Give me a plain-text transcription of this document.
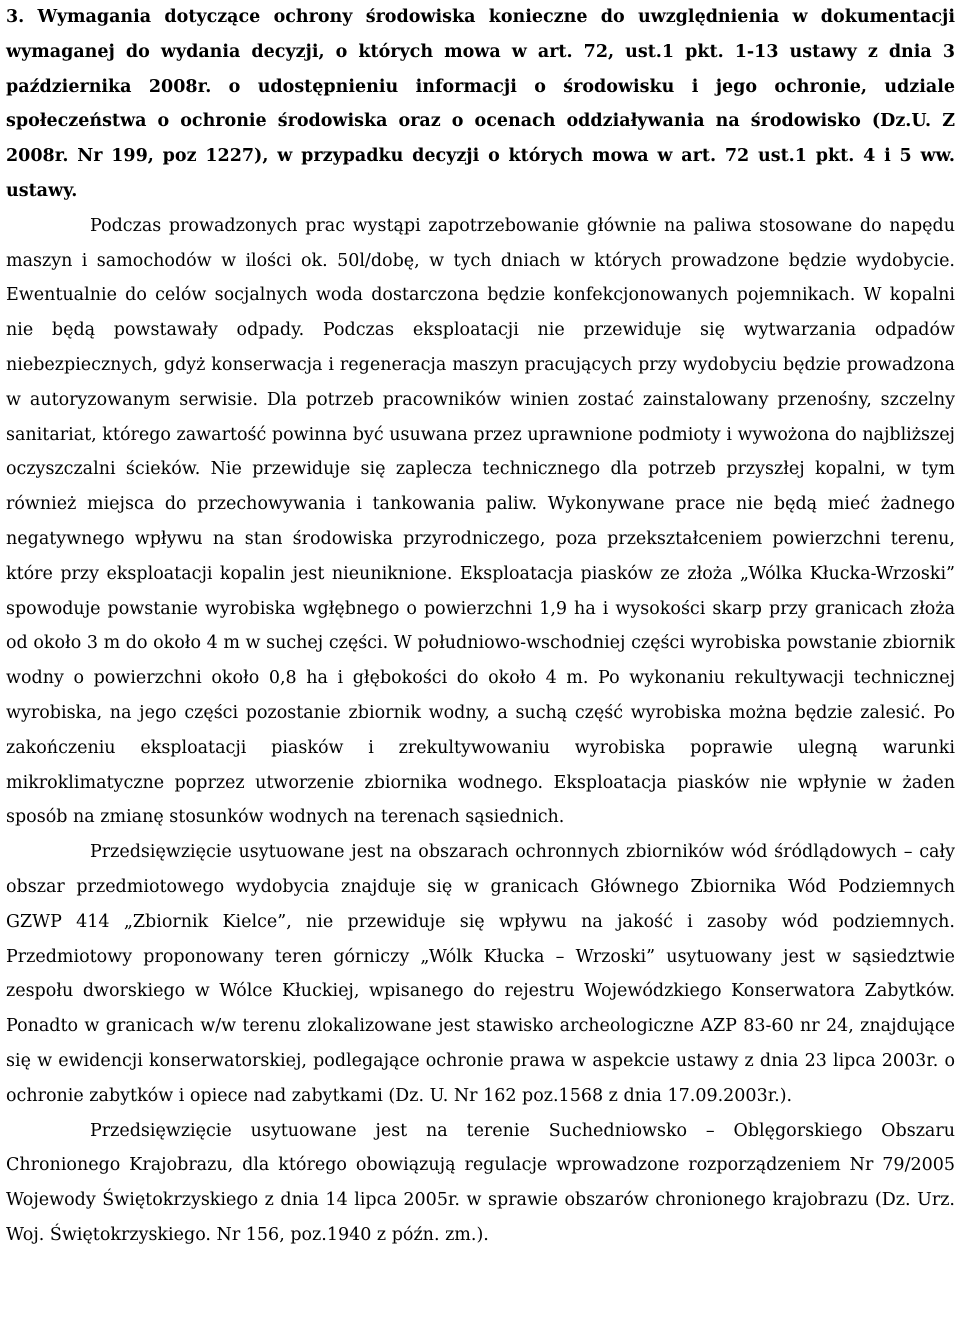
3. Wymagania dotyczące ochrony środowiska konieczne do uwzględnienia w dokumentacji wymaganej do wydania decyzji, o których mowa w art. 72, ust.1 pkt. 1-13 ustawy z dnia 3 października 2008r. o udostępnieniu informacji o środowisku i jego ochronie, udziale społeczeństwa o ochronie środowiska oraz o ocenach oddziaływania na środowisko (Dz.U. Z 2008r. Nr 199, poz 1227), w przypadku decyzji o których mowa w art. 72 ust.1 pkt. 4 i 5 ww. ustawy.

Podczas prowadzonych prac wystąpi zapotrzebowanie głównie na paliwa stosowane do napędu maszyn i samochodów w ilości ok. 50l/dobę, w tych dniach w których prowadzone będzie wydobycie. Ewentualnie do celów socjalnych woda dostarczona będzie konfekcjonowanych pojemnikach. W kopalni nie będą powstawały odpady. Podczas eksploatacji nie przewiduje się wytwarzania odpadów niebezpiecznych, gdyż konserwacja i regeneracja maszyn pracujących przy wydobyciu będzie prowadzona w autoryzowanym serwisie. Dla potrzeb pracowników winien zostać zainstalowany przenośny, szczelny sanitariat, którego zawartość powinna być usuwana przez uprawnione podmioty i wywożona do najbliższej oczyszczalni ścieków. Nie przewiduje się zaplecza technicznego dla potrzeb przyszłej kopalni, w tym również miejsca do przechowywania i tankowania paliw. Wykonywane prace nie będą mieć żadnego negatywnego wpływu na stan środowiska przyrodniczego, poza przekształceniem powierzchni terenu, które przy eksploatacji kopalin jest nieuniknione. Eksploatacja piasków ze złoża „Wólka Kłucka-Wrzoski” spowoduje powstanie wyrobiska wgłębnego o powierzchni 1,9 ha i wysokości skarp przy granicach złoża od około 3 m do około 4 m w suchej części. W południowo-wschodniej części wyrobiska powstanie zbiornik wodny o powierzchni około 0,8 ha i głębokości do około 4 m. Po wykonaniu rekultywacji technicznej wyrobiska, na jego części pozostanie zbiornik wodny, a suchą część wyrobiska można będzie zalesić. Po zakończeniu eksploatacji piasków i zrekultywowaniu wyrobiska poprawie ulegną warunki mikroklimatyczne poprzez utworzenie zbiornika wodnego. Eksploatacja piasków nie wpłynie w żaden sposób na zmianę stosunków wodnych na terenach sąsiednich.

Przedsięwzięcie usytuowane jest na obszarach ochronnych zbiorników wód śródlądowych – cały obszar przedmiotowego wydobycia znajduje się w granicach Głównego Zbiornika Wód Podziemnych GZWP 414 „Zbiornik Kielce”, nie przewiduje się wpływu na jakość i zasoby wód podziemnych. Przedmiotowy proponowany teren górniczy „Wólk Kłucka – Wrzoski” usytuowany jest w sąsiedztwie zespołu dworskiego w Wólce Kłuckiej, wpisanego do rejestru Wojewódzkiego Konserwatora Zabytków. Ponadto w granicach w/w terenu zlokalizowane jest stawisko archeologiczne AZP 83-60 nr 24, znajdujące się w ewidencji konserwatorskiej, podlegające ochronie prawa w aspekcie ustawy z dnia 23 lipca 2003r. o ochronie zabytków i opiece nad zabytkami (Dz. U. Nr 162 poz.1568 z dnia 17.09.2003r.).

Przedsięwzięcie usytuowane jest na terenie Suchedniowsko – Oblęgorskiego Obszaru Chronionego Krajobrazu, dla którego obowiązują regulacje wprowadzone rozporządzeniem Nr 79/2005 Wojewody Świętokrzyskiego z dnia 14 lipca 2005r. w sprawie obszarów chronionego krajobrazu (Dz. Urz. Woj. Świętokrzyskiego. Nr 156, poz.1940 z późn. zm.).
